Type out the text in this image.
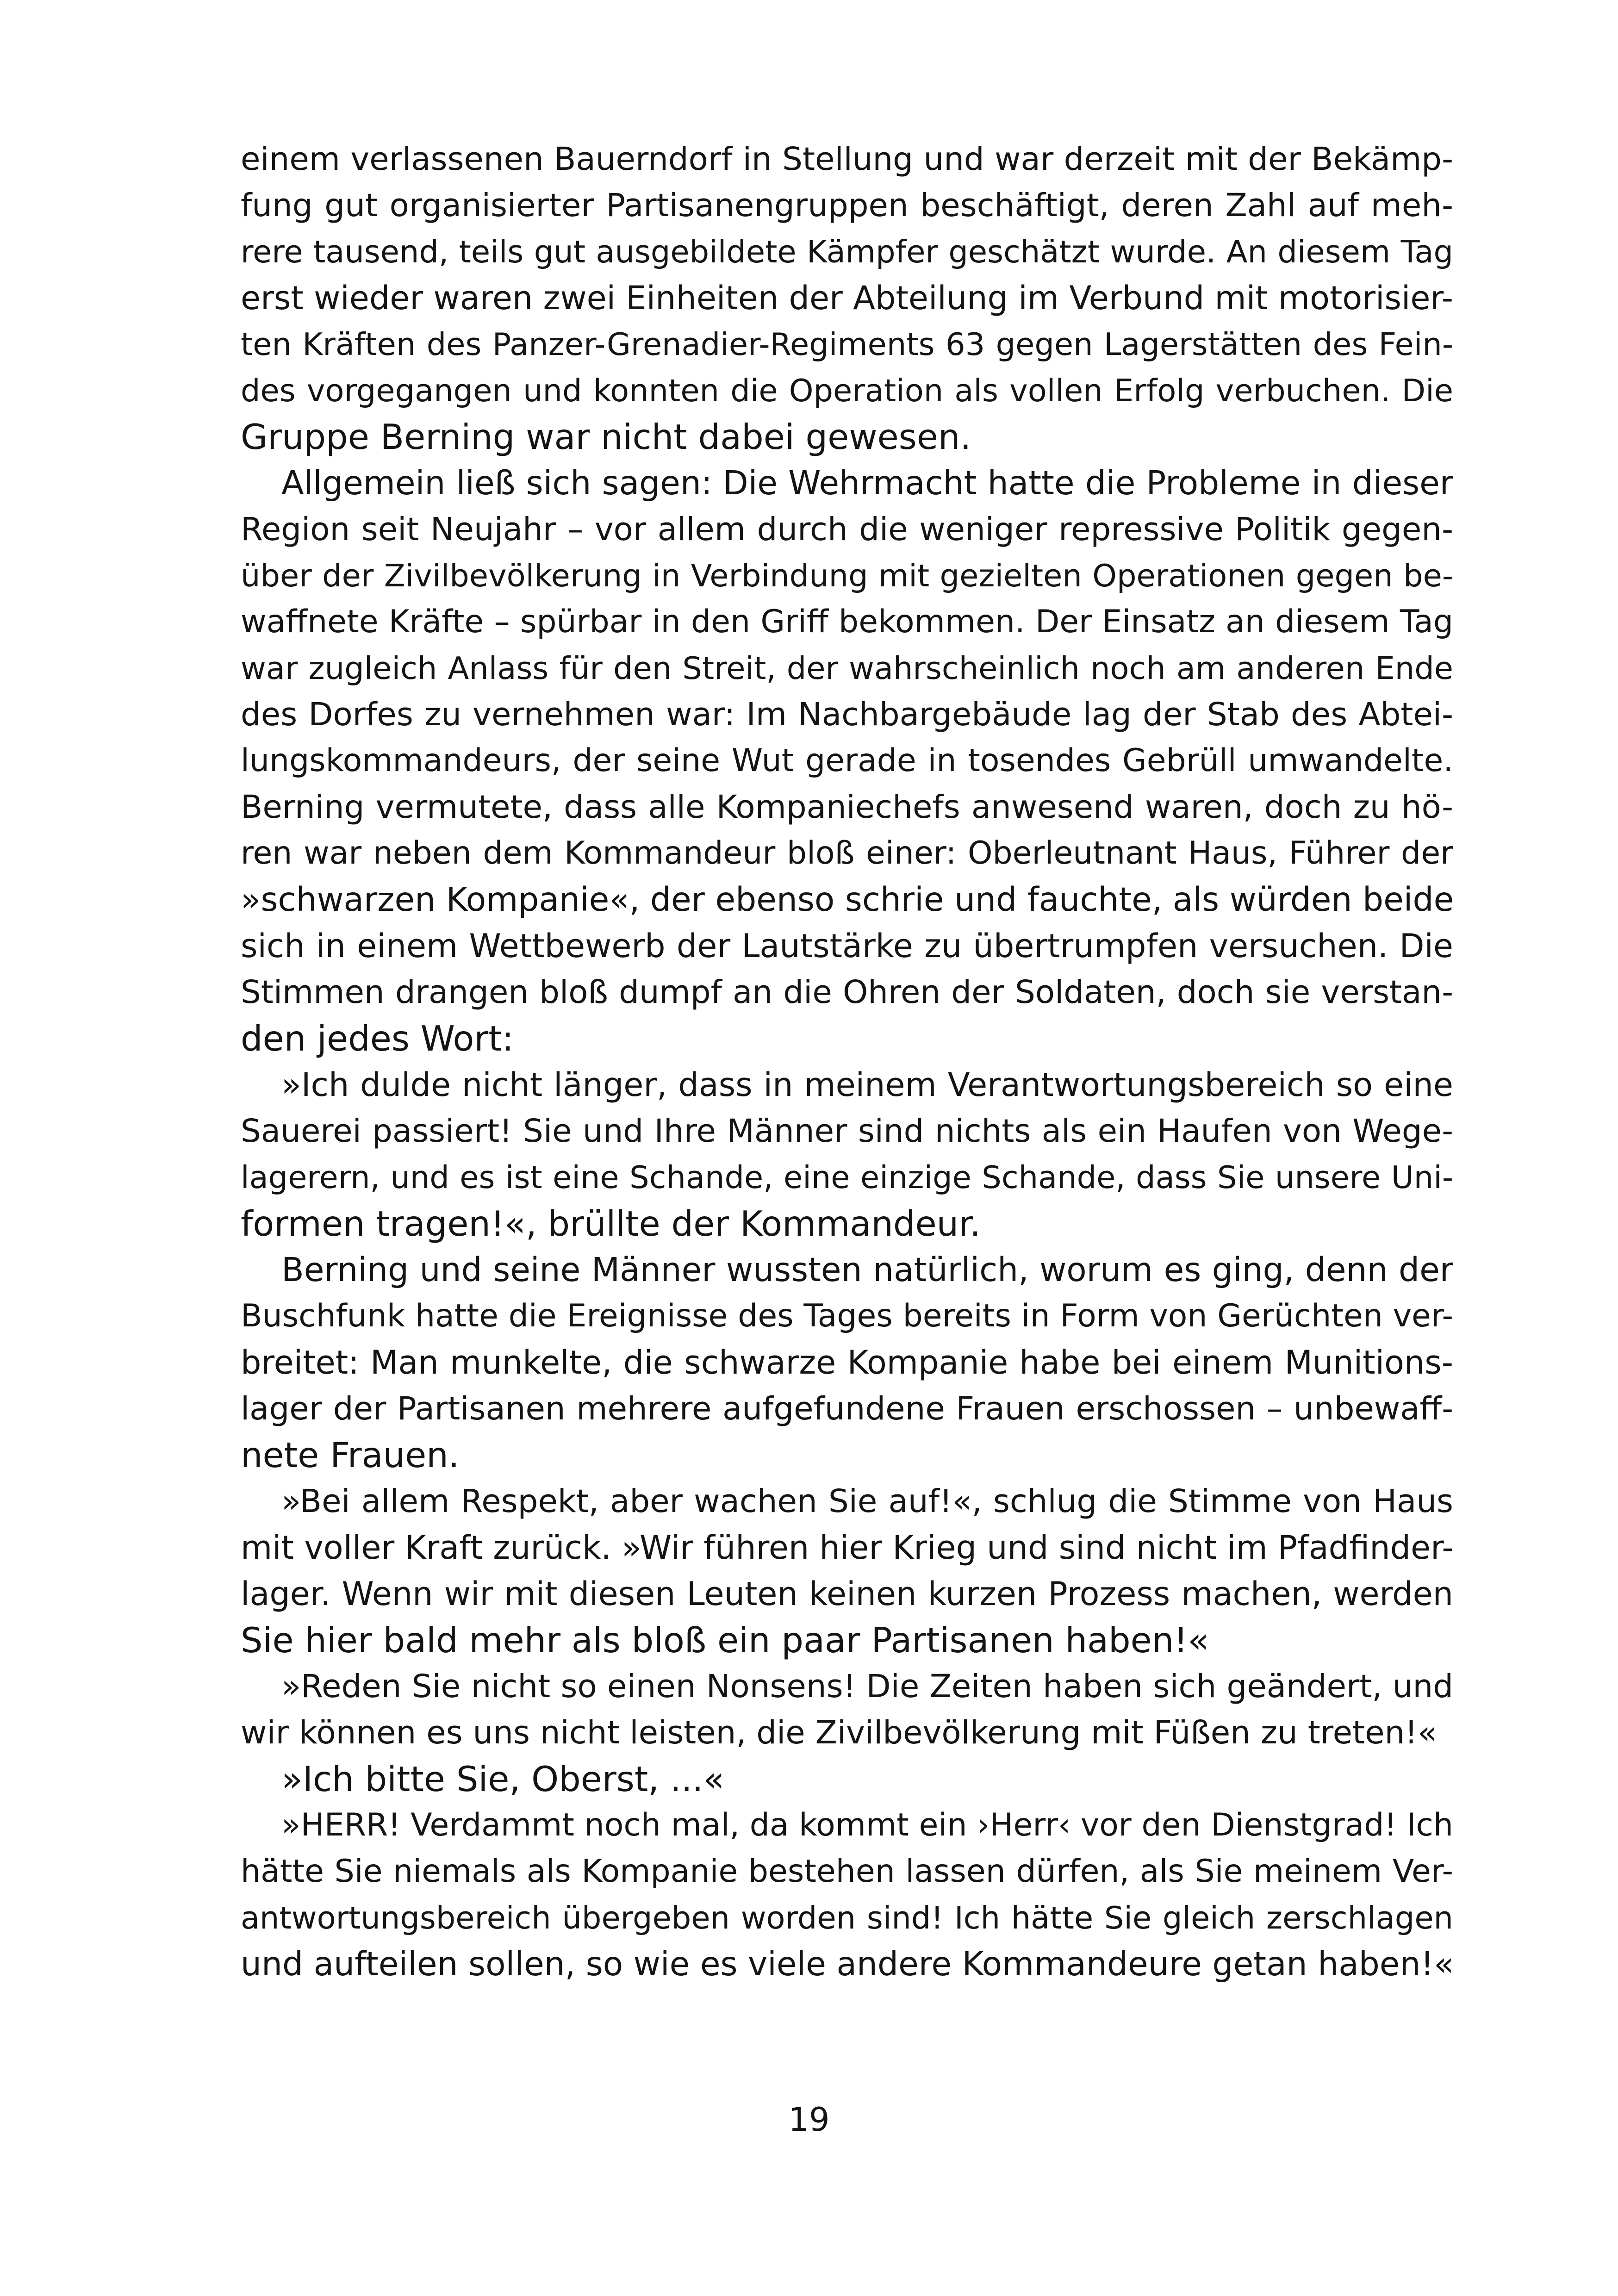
einem verlassenen Bauerndorf in Stellung und war derzeit mit der Bekämp-
fung gut organisierter Partisanengruppen beschäftigt, deren Zahl auf meh-
rere tausend, teils gut ausgebildete Kämpfer geschätzt wurde. An diesem Tag
erst wieder waren zwei Einheiten der Abteilung im Verbund mit motorisier-
ten Kräften des Panzer-Grenadier-Regiments 63 gegen Lagerstätten des Fein-
des vorgegangen und konnten die Operation als vollen Erfolg verbuchen. Die
Gruppe Berning war nicht dabei gewesen.
Allgemein ließ sich sagen: Die Wehrmacht hatte die Probleme in dieser
Region seit Neujahr – vor allem durch die weniger repressive Politik gegen-
über der Zivilbevölkerung in Verbindung mit gezielten Operationen gegen be-
waffnete Kräfte – spürbar in den Griff bekommen. Der Einsatz an diesem Tag
war zugleich Anlass für den Streit, der wahrscheinlich noch am anderen Ende
des Dorfes zu vernehmen war: Im Nachbargebäude lag der Stab des Abtei-
lungskommandeurs, der seine Wut gerade in tosendes Gebrüll umwandelte.
Berning vermutete, dass alle Kompaniechefs anwesend waren, doch zu hö-
ren war neben dem Kommandeur bloß einer: Oberleutnant Haus, Führer der
»schwarzen Kompanie«, der ebenso schrie und fauchte, als würden beide
sich in einem Wettbewerb der Lautstärke zu übertrumpfen versuchen. Die
Stimmen drangen bloß dumpf an die Ohren der Soldaten, doch sie verstan-
den jedes Wort:
»Ich dulde nicht länger, dass in meinem Verantwortungsbereich so eine
Sauerei passiert! Sie und Ihre Männer sind nichts als ein Haufen von Wege-
lagerern, und es ist eine Schande, eine einzige Schande, dass Sie unsere Uni-
formen tragen!«, brüllte der Kommandeur.
Berning und seine Männer wussten natürlich, worum es ging, denn der
Buschfunk hatte die Ereignisse des Tages bereits in Form von Gerüchten ver-
breitet: Man munkelte, die schwarze Kompanie habe bei einem Munitions-
lager der Partisanen mehrere aufgefundene Frauen erschossen – unbewaff-
nete Frauen.
»Bei allem Respekt, aber wachen Sie auf!«, schlug die Stimme von Haus
mit voller Kraft zurück. »Wir führen hier Krieg und sind nicht im Pfadfinder-
lager. Wenn wir mit diesen Leuten keinen kurzen Prozess machen, werden
Sie hier bald mehr als bloß ein paar Partisanen haben!«
»Reden Sie nicht so einen Nonsens! Die Zeiten haben sich geändert, und
wir können es uns nicht leisten, die Zivilbevölkerung mit Füßen zu treten!«
»Ich bitte Sie, Oberst, ...«
»HERR! Verdammt noch mal, da kommt ein ›Herr‹ vor den Dienstgrad! Ich
hätte Sie niemals als Kompanie bestehen lassen dürfen, als Sie meinem Ver-
antwortungsbereich übergeben worden sind! Ich hätte Sie gleich zerschlagen
und aufteilen sollen, so wie es viele andere Kommandeure getan haben!«
19
